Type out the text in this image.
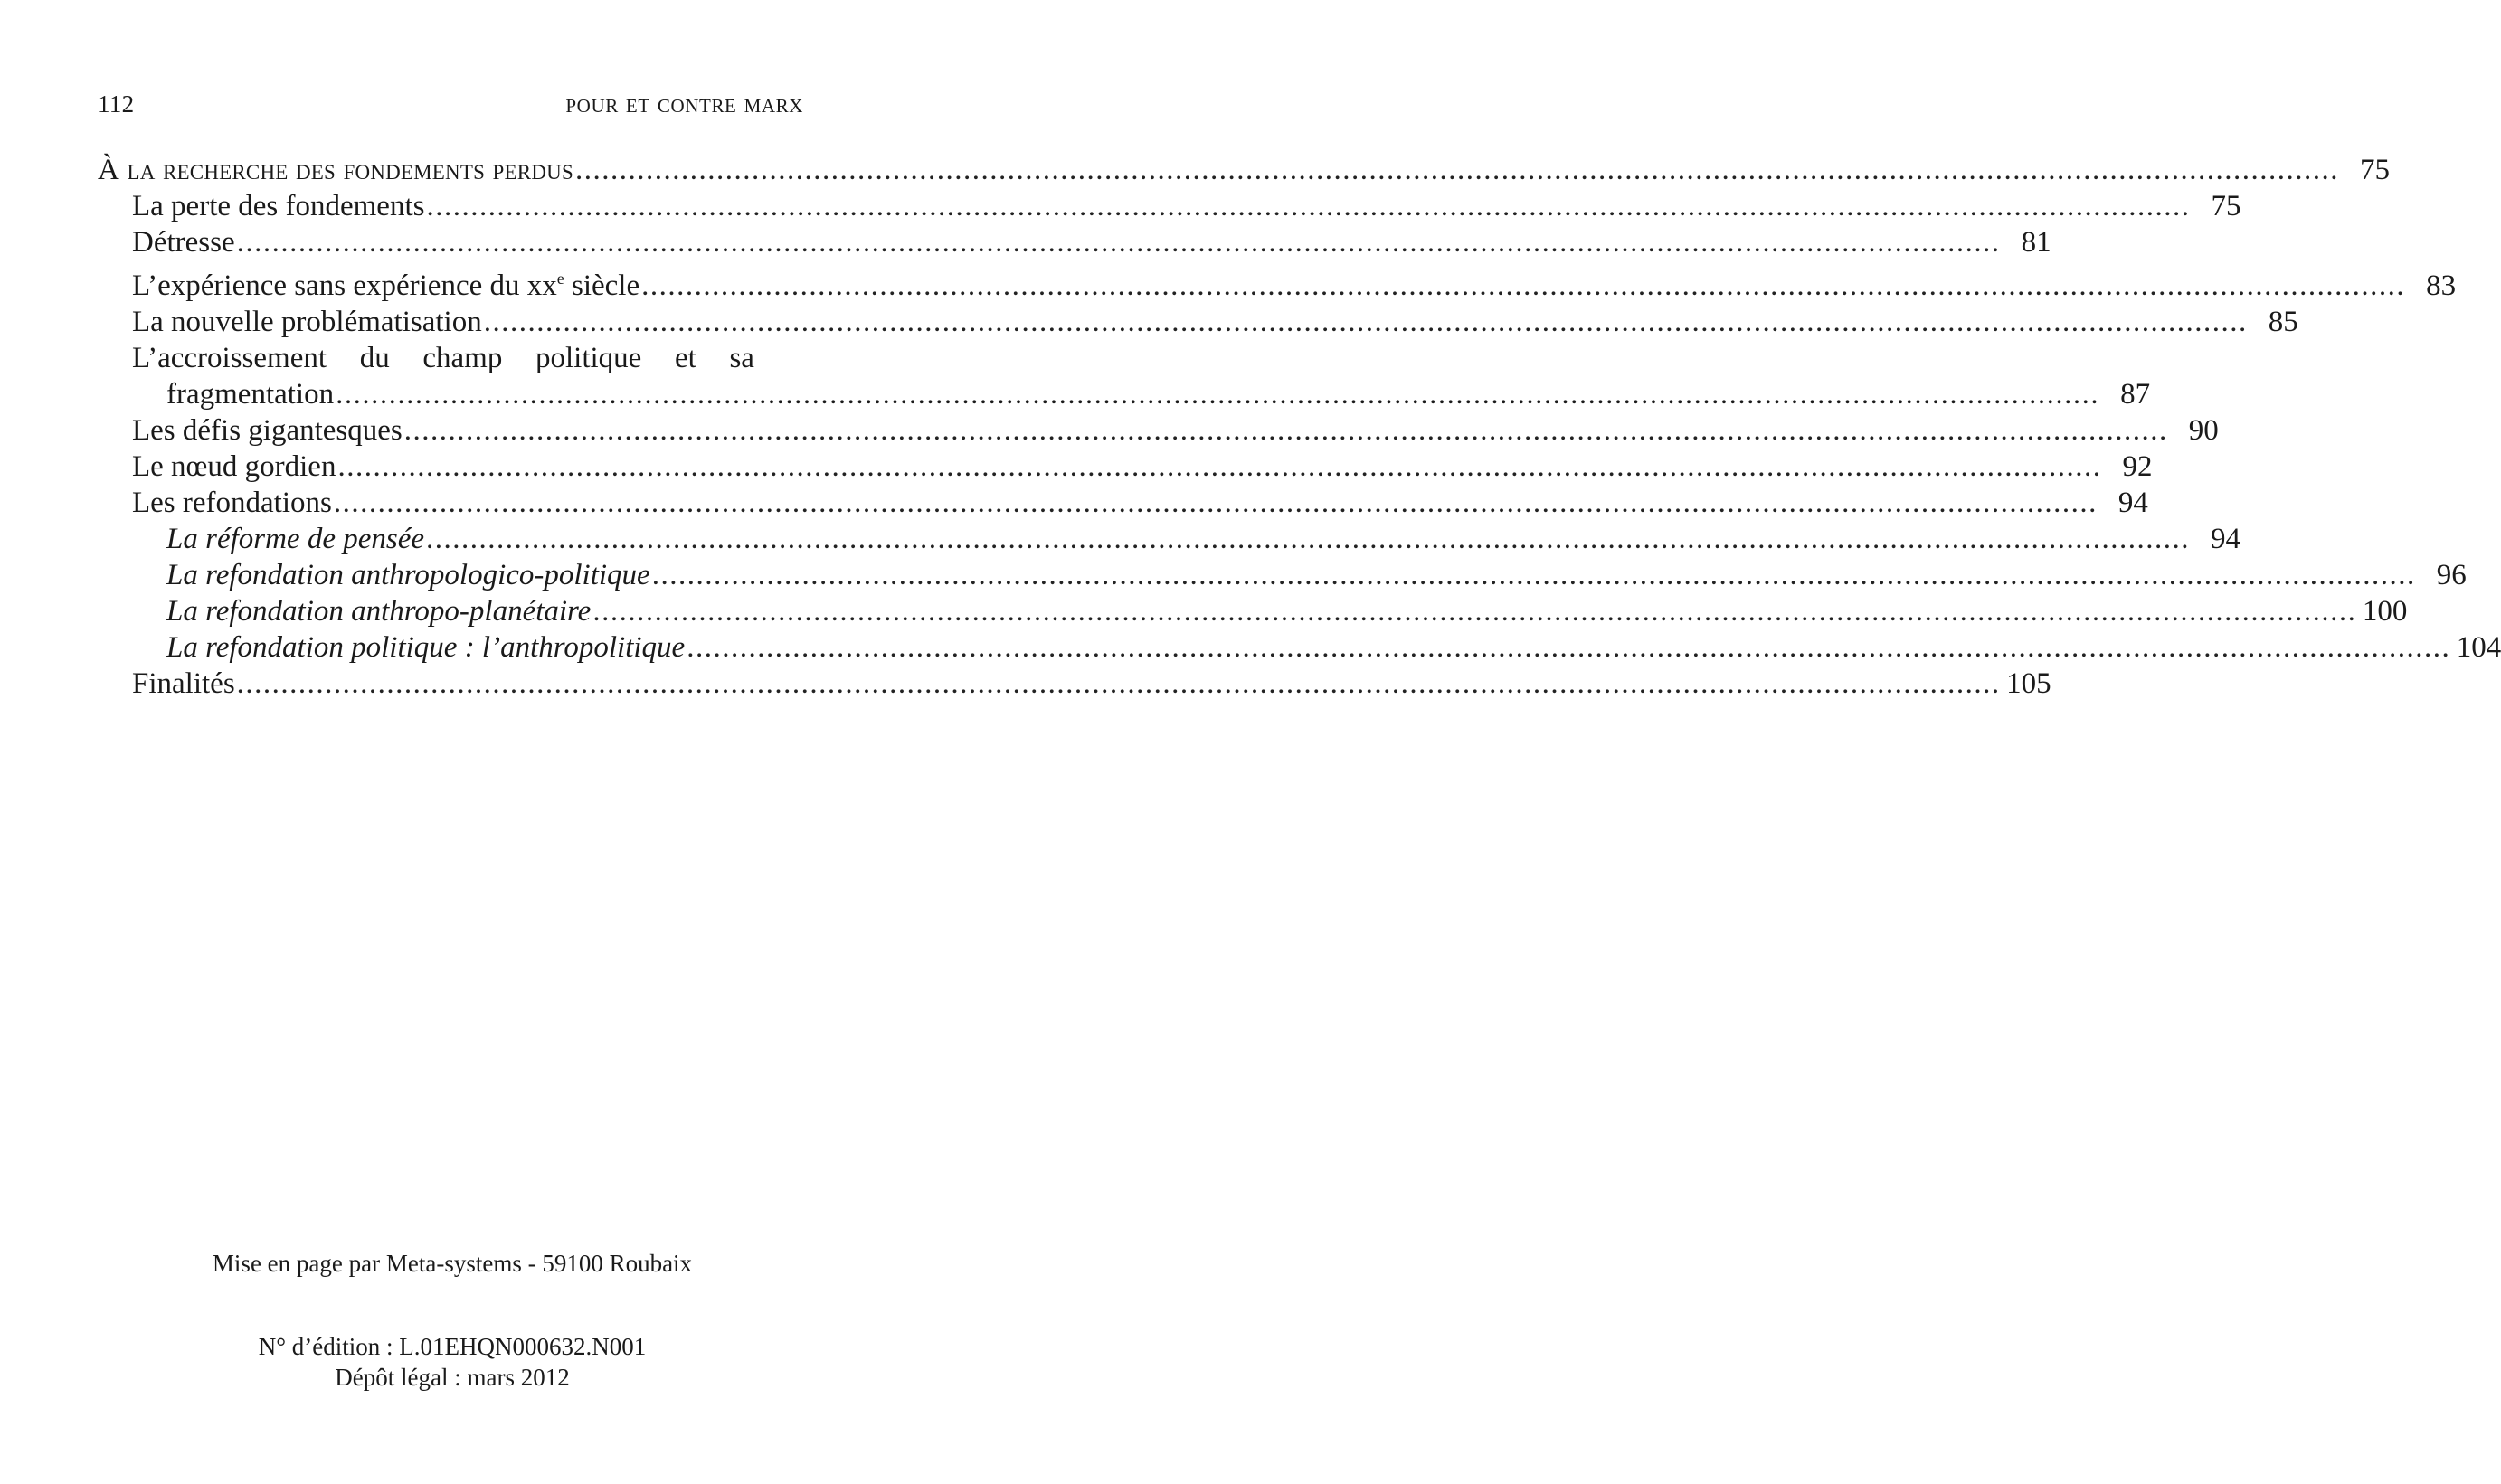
112	pour et contre marx
À la recherche des fondements perdus ........................................................................................................................................................................................................ 75
La perte des fondements ........................................................................................................................................................................................................ 75
Détresse ........................................................................................................................................................................................................ 81
L’expérience sans expérience du $xx^e$ siècle ........................................................................................................................................................................................................ 83
La nouvelle problématisation ........................................................................................................................................................................................................ 85
L’accroissement du champ politique et sa
fragmentation ........................................................................................................................................................................................................ 87
Les défis gigantesques ........................................................................................................................................................................................................ 90
Le nœud gordien ........................................................................................................................................................................................................ 92
Les refondations ........................................................................................................................................................................................................ 94
La réforme de pensée ........................................................................................................................................................................................................ 94
La refondation anthropologico-politique ........................................................................................................................................................................................................ 96
La refondation anthropo-planétaire ........................................................................................................................................................................................................ 100
La refondation politique : l’anthropolitique ........................................................................................................................................................................................................ 104
Finalités ........................................................................................................................................................................................................ 105
Mise en page par Meta-systems - 59100 Roubaix
N° d’édition : L.01EHQN000632.N001
Dépôt légal : mars 2012
